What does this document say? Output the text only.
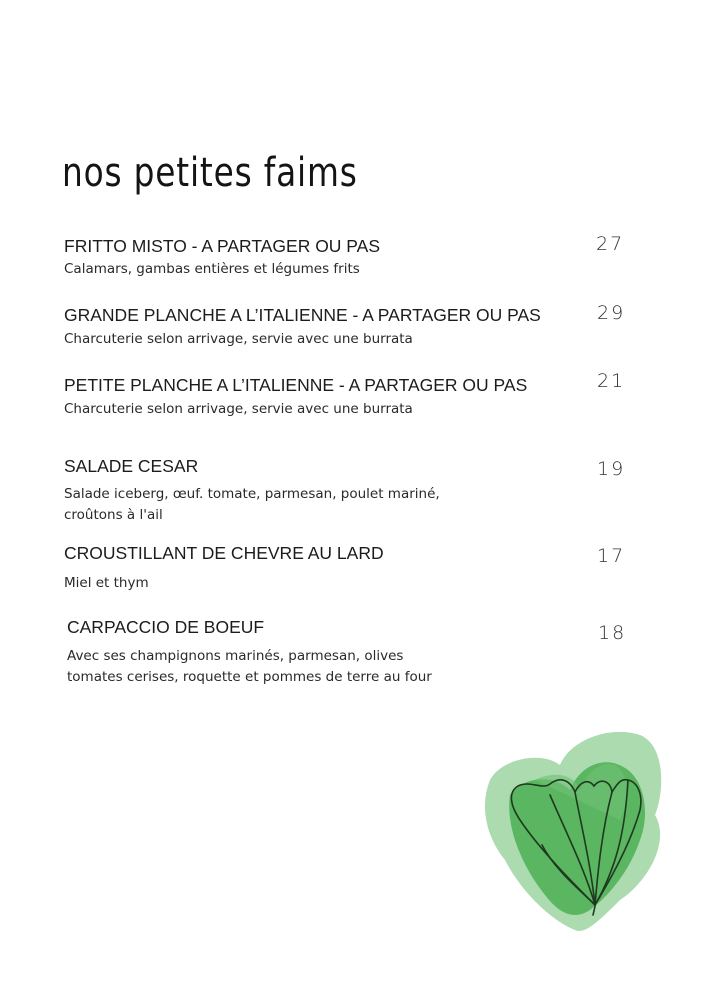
nos petites faims
FRITTO MISTO - A PARTAGER OU PAS
Calamars, gambas entières et légumes frits
27
GRANDE PLANCHE A L’ITALIENNE - A PARTAGER OU PAS
Charcuterie selon arrivage, servie avec une burrata
29
PETITE PLANCHE A L’ITALIENNE - A PARTAGER OU PAS
Charcuterie selon arrivage, servie avec une burrata
21
SALADE CESAR
Salade iceberg, œuf. tomate, parmesan, poulet mariné,
croûtons à l'ail
19
CROUSTILLANT DE CHEVRE AU LARD
Miel et thym
17
CARPACCIO DE BOEUF
Avec ses champignons marinés, parmesan, olives
tomates cerises, roquette et pommes de terre au four
18
